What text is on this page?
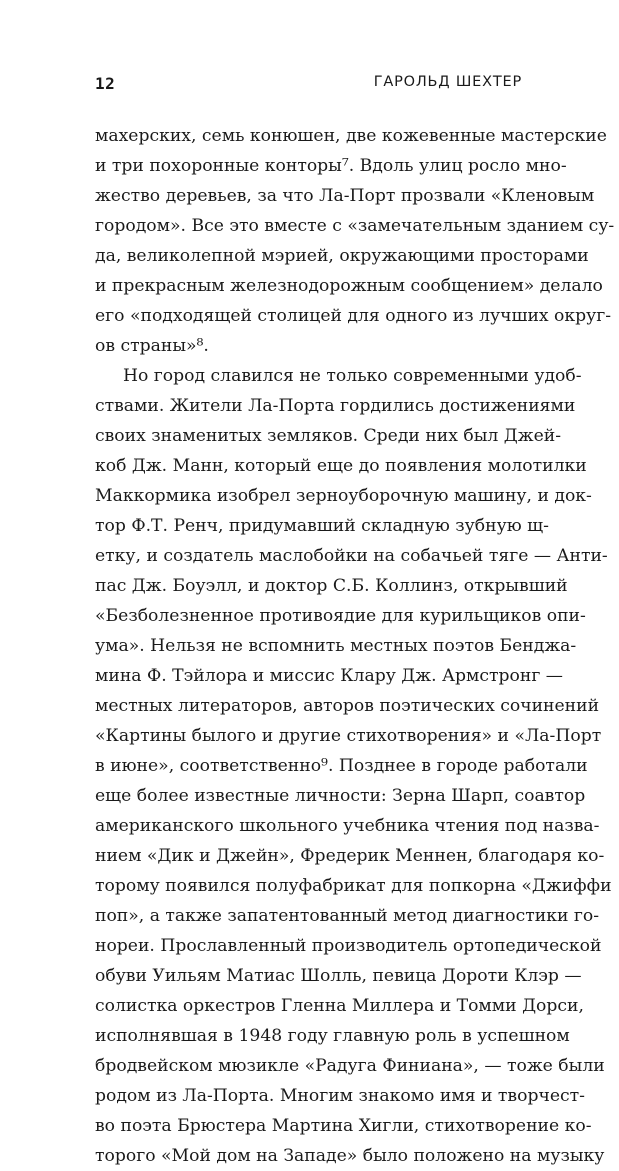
12	ГАРОЛЬД ШЕХТЕР
махерских, семь конюшен, две кожевенные мастерские
и три похоронные конторы⁷. Вдоль улиц росло мно-
жество деревьев, за что Ла-Порт прозвали «Кленовым
городом». Все это вместе с «замечательным зданием су-
да, великолепной мэрией, окружающими просторами
и прекрасным железнодорожным сообщением» делало
его «подходящей столицей для одного из лучших округ-
ов страны»⁸.
Но город славился не только современными удоб-
ствами. Жители Ла-Порта гордились достижениями
своих знаменитых земляков. Среди них был Джей-
коб Дж. Манн, который еще до появления молотилки
Маккормика изобрел зерноуборочную машину, и док-
тор Ф.Т. Ренч, придумавший складную зубную щ-
етку, и создатель маслобойки на собачьей тяге — Анти-
пас Дж. Боуэлл, и доктор С.Б. Коллинз, открывший
«Безболезненное противоядие для курильщиков опи-
ума». Нельзя не вспомнить местных поэтов Бенджа-
мина Ф. Тэйлора и миссис Клару Дж. Армстронг —
местных литераторов, авторов поэтических сочинений
«Картины былого и другие стихотворения» и «Ла-Порт
в июне», соответственно⁹. Позднее в городе работали
еще более известные личности: Зерна Шарп, соавтор
американского школьного учебника чтения под назва-
нием «Дик и Джейн», Фредерик Меннен, благодаря ко-
торому появился полуфабрикат для попкорна «Джиффи
поп», а также запатентованный метод диагностики го-
нореи. Прославленный производитель ортопедической
обуви Уильям Матиас Шолль, певица Дороти Клэр —
солистка оркестров Гленна Миллера и Томми Дорси,
исполнявшая в 1948 году главную роль в успешном
бродвейском мюзикле «Радуга Финиана», — тоже были
родом из Ла-Порта. Многим знакомо имя и творчест-
во поэта Брюстера Мартина Хигли, стихотворение ко-
торого «Мой дом на Западе» было положено на музыку
